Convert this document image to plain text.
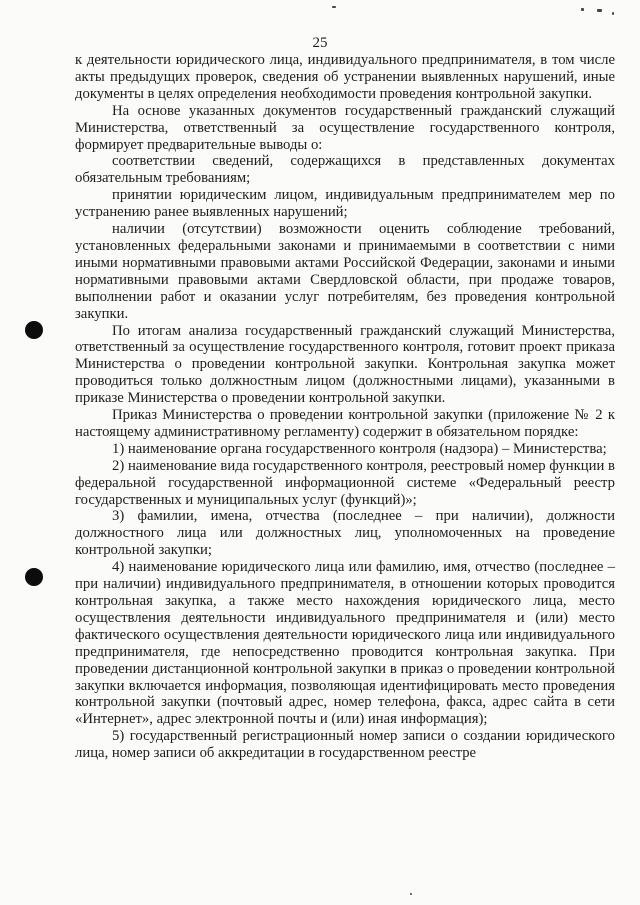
25

к деятельности юридического лица, индивидуального предпринимателя, в том числе акты предыдущих проверок, сведения об устранении выявленных нарушений, иные документы в целях определения необходимости проведения контрольной закупки.

На основе указанных документов государственный гражданский служащий Министерства, ответственный за осуществление государственного контроля, формирует предварительные выводы о:

соответствии сведений, содержащихся в представленных документах обязательным требованиям;

принятии юридическим лицом, индивидуальным предпринимателем мер по устранению ранее выявленных нарушений;

наличии (отсутствии) возможности оценить соблюдение требований, установленных федеральными законами и принимаемыми в соответствии с ними иными нормативными правовыми актами Российской Федерации, законами и иными нормативными правовыми актами Свердловской области, при продаже товаров, выполнении работ и оказании услуг потребителям, без проведения контрольной закупки.

По итогам анализа государственный гражданский служащий Министерства, ответственный за осуществление государственного контроля, готовит проект приказа Министерства о проведении контрольной закупки. Контрольная закупка может проводиться только должностным лицом (должностными лицами), указанными в приказе Министерства о проведении контрольной закупки.

Приказ Министерства о проведении контрольной закупки (приложение № 2 к настоящему административному регламенту) содержит в обязательном порядке:

1) наименование органа государственного контроля (надзора) – Министерства;

2) наименование вида государственного контроля, реестровый номер функции в федеральной государственной информационной системе «Федеральный реестр государственных и муниципальных услуг (функций)»;

3) фамилии, имена, отчества (последнее – при наличии), должности должностного лица или должностных лиц, уполномоченных на проведение контрольной закупки;

4) наименование юридического лица или фамилию, имя, отчество (последнее – при наличии) индивидуального предпринимателя, в отношении которых проводится контрольная закупка, а также место нахождения юридического лица, место осуществления деятельности индивидуального предпринимателя и (или) место фактического осуществления деятельности юридического лица или индивидуального предпринимателя, где непосредственно проводится контрольная закупка. При проведении дистанционной контрольной закупки в приказ о проведении контрольной закупки включается информация, позволяющая идентифицировать место проведения контрольной закупки (почтовый адрес, номер телефона, факса, адрес сайта в сети «Интернет», адрес электронной почты и (или) иная информация);

5) государственный регистрационный номер записи о создании юридического лица, номер записи об аккредитации в государственном реестре
